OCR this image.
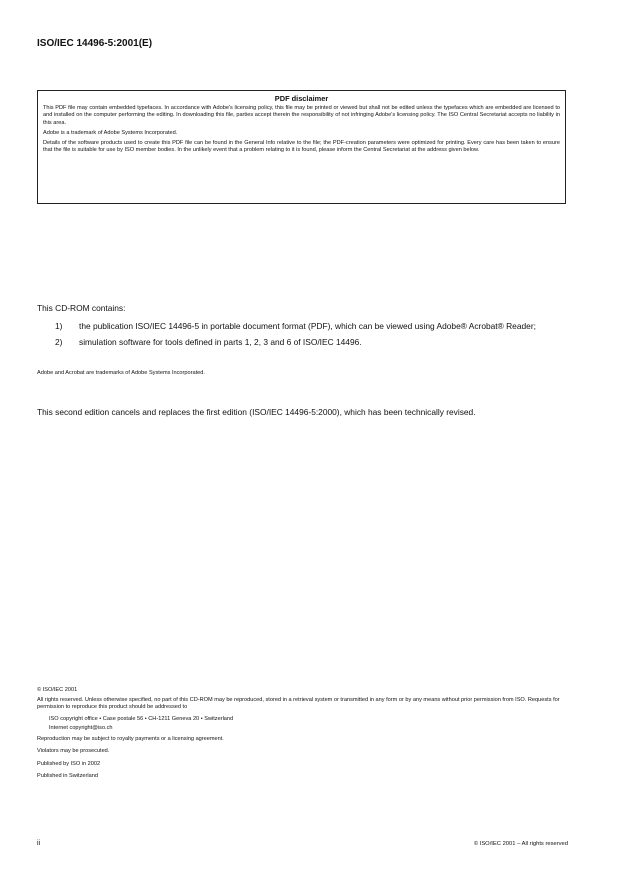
ISO/IEC 14496-5:2001(E)
PDF disclaimer

This PDF file may contain embedded typefaces. In accordance with Adobe's licensing policy, this file may be printed or viewed but shall not be edited unless the typefaces which are embedded are licensed to and installed on the computer performing the editing. In downloading this file, parties accept therein the responsibility of not infringing Adobe's licensing policy. The ISO Central Secretariat accepts no liability in this area.

Adobe is a trademark of Adobe Systems Incorporated.

Details of the software products used to create this PDF file can be found in the General Info relative to the file; the PDF-creation parameters were optimized for printing. Every care has been taken to ensure that the file is suitable for use by ISO member bodies. In the unlikely event that a problem relating to it is found, please inform the Central Secretariat at the address given below.

This CD-ROM contains:
1)	the publication ISO/IEC 14496-5 in portable document format (PDF), which can be viewed using Adobe® Acrobat® Reader;
2)	simulation software for tools defined in parts 1, 2, 3 and 6 of ISO/IEC 14496.
Adobe and Acrobat are trademarks of Adobe Systems Incorporated.
This second edition cancels and replaces the first edition (ISO/IEC 14496-5:2000), which has been technically revised.
© ISO/IEC 2001
All rights reserved. Unless otherwise specified, no part of this CD-ROM may be reproduced, stored in a retrieval system or transmitted in any form or by any means without prior permission from ISO. Requests for permission to reproduce this product should be addressed to
ISO copyright office • Case postale 56 • CH-1211 Geneva 20 • Switzerland
Internet copyright@iso.ch
Reproduction may be subject to royalty payments or a licensing agreement.
Violators may be prosecuted.
Published by ISO in 2002
Published in Switzerland
ii	© ISO/IEC 2001 – All rights reserved
